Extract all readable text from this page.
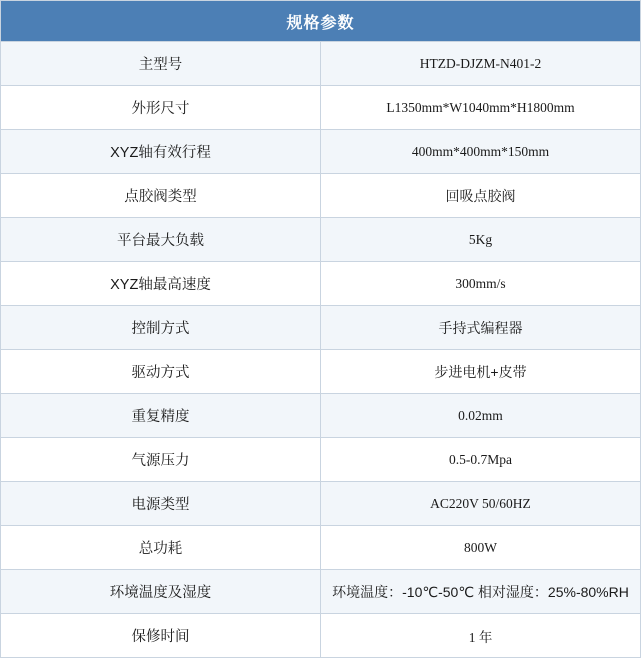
规格参数	
主型号	HTZD-DJZM-N401-2
外形尺寸	L1350mm*W1040mm*H1800mm
XYZ轴有效行程	400mm*400mm*150mm
点胶阀类型	回吸点胶阀
平台最大负载	5Kg
XYZ轴最高速度	300mm/s
控制方式	手持式编程器
驱动方式	步进电机+皮带
重复精度	0.02mm
气源压力	0.5-0.7Mpa
电源类型	AC220V 50/60HZ
总功耗	800W
环境温度及湿度	环境温度：-10℃-50℃ 相对湿度：25%-80%RH
保修时间	1 年
